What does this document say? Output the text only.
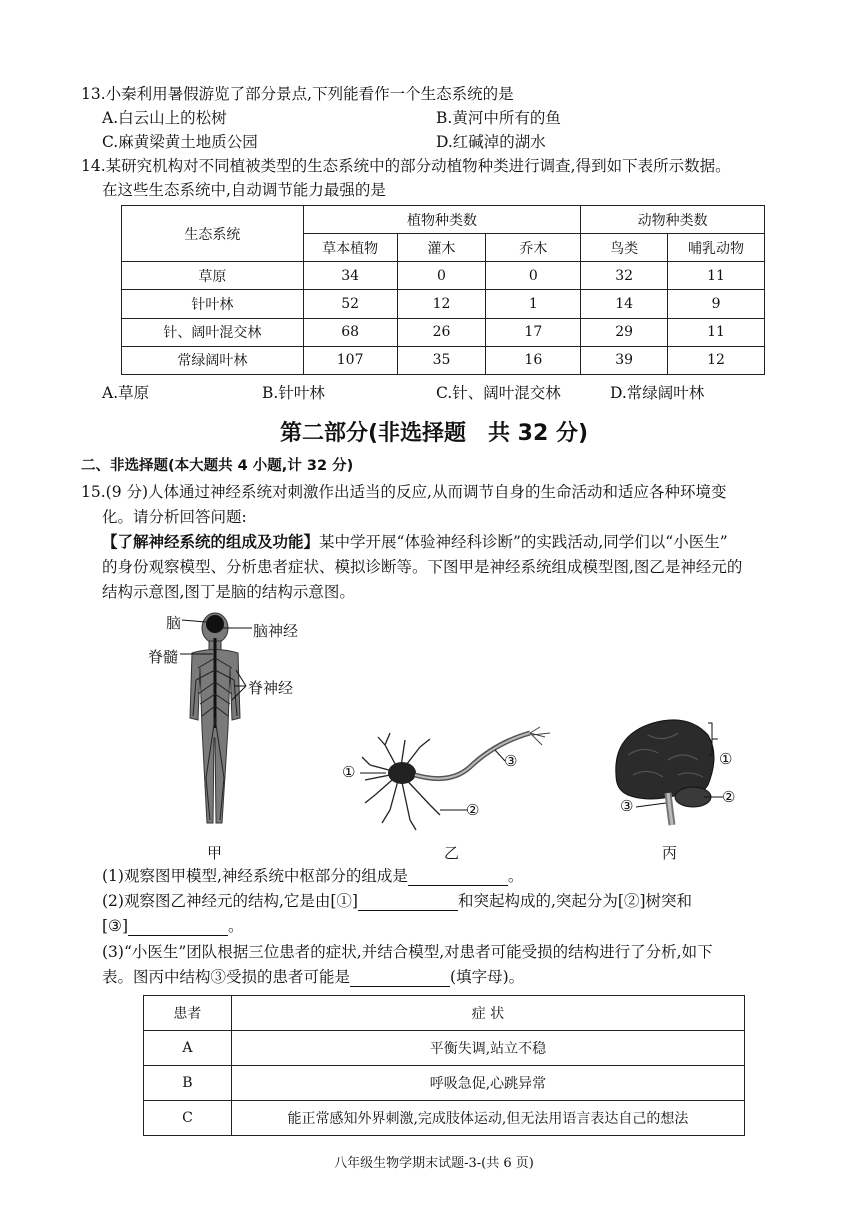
13.小秦利用暑假游览了部分景点,下列能看作一个生态系统的是
A.白云山上的松树	B.黄河中所有的鱼
C.麻黄梁黄土地质公园	D.红碱淖的湖水
14.某研究机构对不同植被类型的生态系统中的部分动植物种类进行调查,得到如下表所示数据。
在这些生态系统中,自动调节能力最强的是
生态系统	植物种类数			动物种类数	
	草本植物	灌木	乔木	鸟类	哺乳动物
草原	34	0	0	32	11
针叶林	52	12	1	14	9
针、阔叶混交林	68	26	17	29	11
常绿阔叶林	107	35	16	39	12
A.草原	B.针叶林	C.针、阔叶混交林	D.常绿阔叶林
第二部分(非选择题　共 32 分)
二、非选择题(本大题共 4 小题,计 32 分)
15.(9 分)人体通过神经系统对刺激作出适当的反应,从而调节自身的生命活动和适应各种环境变
化。请分析回答问题:
【了解神经系统的组成及功能】某中学开展“体验神经科诊断”的实践活动,同学们以“小医生”
的身份观察模型、分析患者症状、模拟诊断等。下图甲是神经系统组成模型图,图乙是神经元的
结构示意图,图丁是脑的结构示意图。
脑	脑神经
脊髓
脊神经
甲
①
②
③
乙
①
②
③
丙
(1)观察图甲模型,神经系统中枢部分的组成是	。
(2)观察图乙神经元的结构,它是由[①]	和突起构成的,突起分为[②]树突和
[③]	。
(3)“小医生”团队根据三位患者的症状,并结合模型,对患者可能受损的结构进行了分析,如下
表。图丙中结构③受损的患者可能是	(填字母)。
患者	症 状
A	平衡失调,站立不稳
B	呼吸急促,心跳异常
C	能正常感知外界刺激,完成肢体运动,但无法用语言表达自己的想法
八年级生物学期末试题-3-(共 6 页)
